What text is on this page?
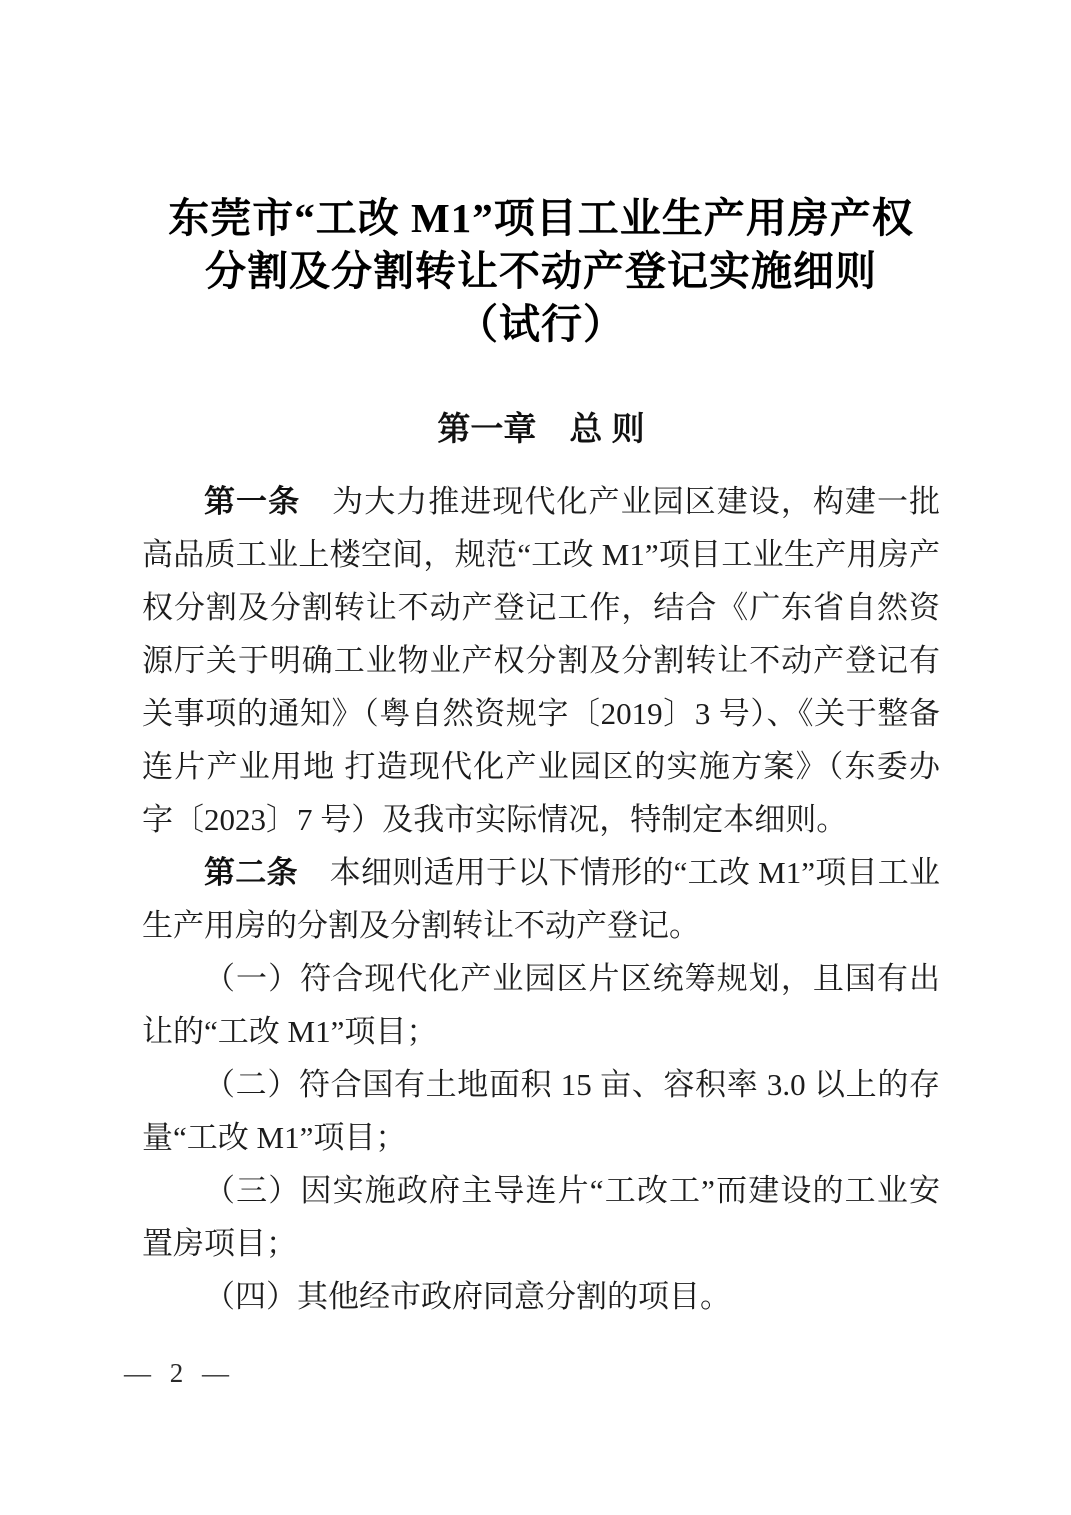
东莞市“工改 M1”项目工业生产用房产权
分割及分割转让不动产登记实施细则
（试行）
第一章　总 则

第一条 为大力推进现代化产业园区建设，构建一批高品质工业上楼空间，规范“工改 M1”项目工业生产用房产权分割及分割转让不动产登记工作，结合《广东省自然资源厅关于明确工业物业产权分割及分割转让不动产登记有关事项的通知》（粤自然资规字〔2019〕3 号）、《关于整备连片产业用地 打造现代化产业园区的实施方案》（东委办字〔2023〕7 号）及我市实际情况，特制定本细则。

第二条 本细则适用于以下情形的“工改 M1”项目工业生产用房的分割及分割转让不动产登记。

（一）符合现代化产业园区片区统筹规划，且国有出让的“工改 M1”项目；

（二）符合国有土地面积 15 亩、容积率 3.0 以上的存量“工改 M1”项目；

（三）因实施政府主导连片“工改工”而建设的工业安置房项目；

（四）其他经市政府同意分割的项目。

— 2 —
